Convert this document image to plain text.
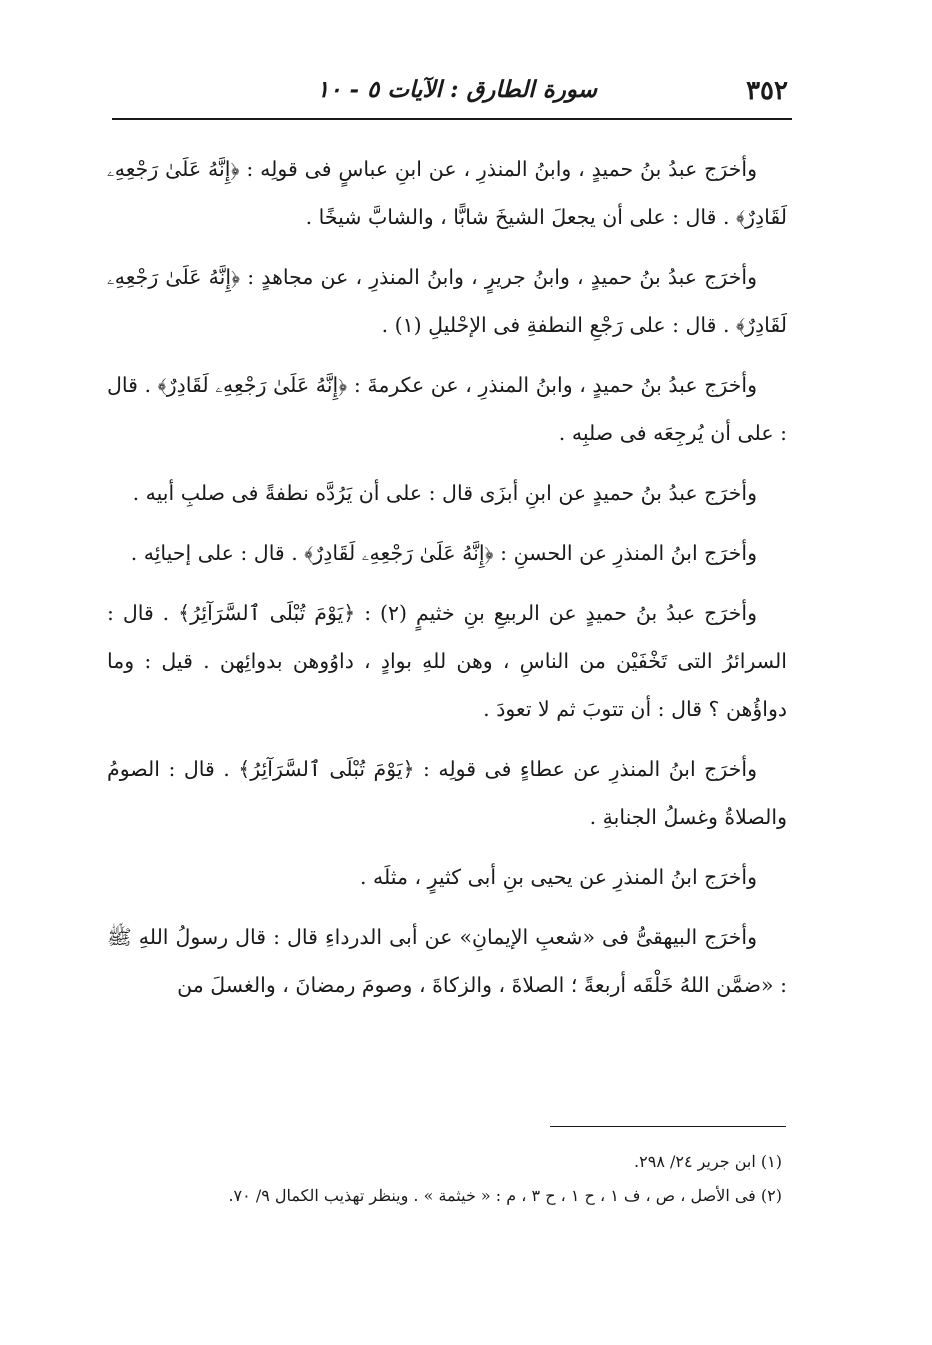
٣٥٢
سورة الطارق : الآيات ٥ - ١٠

وأخرَج عبدُ بنُ حميدٍ ، وابنُ المنذرِ ، عن ابنِ عباسٍ فى قولِه : ﴿إِنَّهُ عَلَىٰ رَجْعِهِۦ لَقَادِرٌ﴾ . قال : على أن يجعلَ الشيخَ شابًّا ، والشابَّ شيخًا .

وأخرَج عبدُ بنُ حميدٍ ، وابنُ جريرٍ ، وابنُ المنذرِ ، عن مجاهدٍ : ﴿إِنَّهُ عَلَىٰ رَجْعِهِۦ لَقَادِرٌ﴾ . قال : على رَجْعِ النطفةِ فى الإحْليلِ (١) .

وأخرَج عبدُ بنُ حميدٍ ، وابنُ المنذرِ ، عن عكرمةَ : ﴿إِنَّهُ عَلَىٰ رَجْعِهِۦ لَقَادِرٌ﴾ . قال : على أن يُرجِعَه فى صلبِه .

وأخرَج عبدُ بنُ حميدٍ عن ابنِ أبزَى قال : على أن يَرُدَّه نطفةً فى صلبِ أبيه .

وأخرَج ابنُ المنذرِ عن الحسنِ : ﴿إِنَّهُ عَلَىٰ رَجْعِهِۦ لَقَادِرٌ﴾ . قال : على إحيائِه .

وأخرَج عبدُ بنُ حميدٍ عن الربيعِ بنِ خثيمٍ (٢) : ﴿يَوْمَ تُبْلَى ٱلسَّرَآئِرُ﴾ . قال : السرائرُ التى تَخْفَيْن من الناسِ ، وهن للهِ بوادٍ ، داوُوهن بدوائِهن . قيل : وما دواؤُهن ؟ قال : أن تتوبَ ثم لا تعودَ .

وأخرَج ابنُ المنذرِ عن عطاءٍ فى قولِه : ﴿يَوْمَ تُبْلَى ٱلسَّرَآئِرُ﴾ . قال : الصومُ والصلاةُ وغسلُ الجنابةِ .

وأخرَج ابنُ المنذرِ عن يحيى بنِ أبى كثيرٍ ، مثلَه .

وأخرَج البيهقىُّ فى «شعبِ الإيمانِ» عن أبى الدرداءِ قال : قال رسولُ اللهِ ﷺ : «ضمَّن اللهُ خَلْقَه أربعةً ؛ الصلاةَ ، والزكاةَ ، وصومَ رمضانَ ، والغسلَ من

(١) ابن جرير ٢٤/ ٢٩٨.

(٢) فى الأصل ، ص ، ف ١ ، ح ١ ، ح ٣ ، م : « خيثمة » . وينظر تهذيب الكمال ٩/ ٧٠.
